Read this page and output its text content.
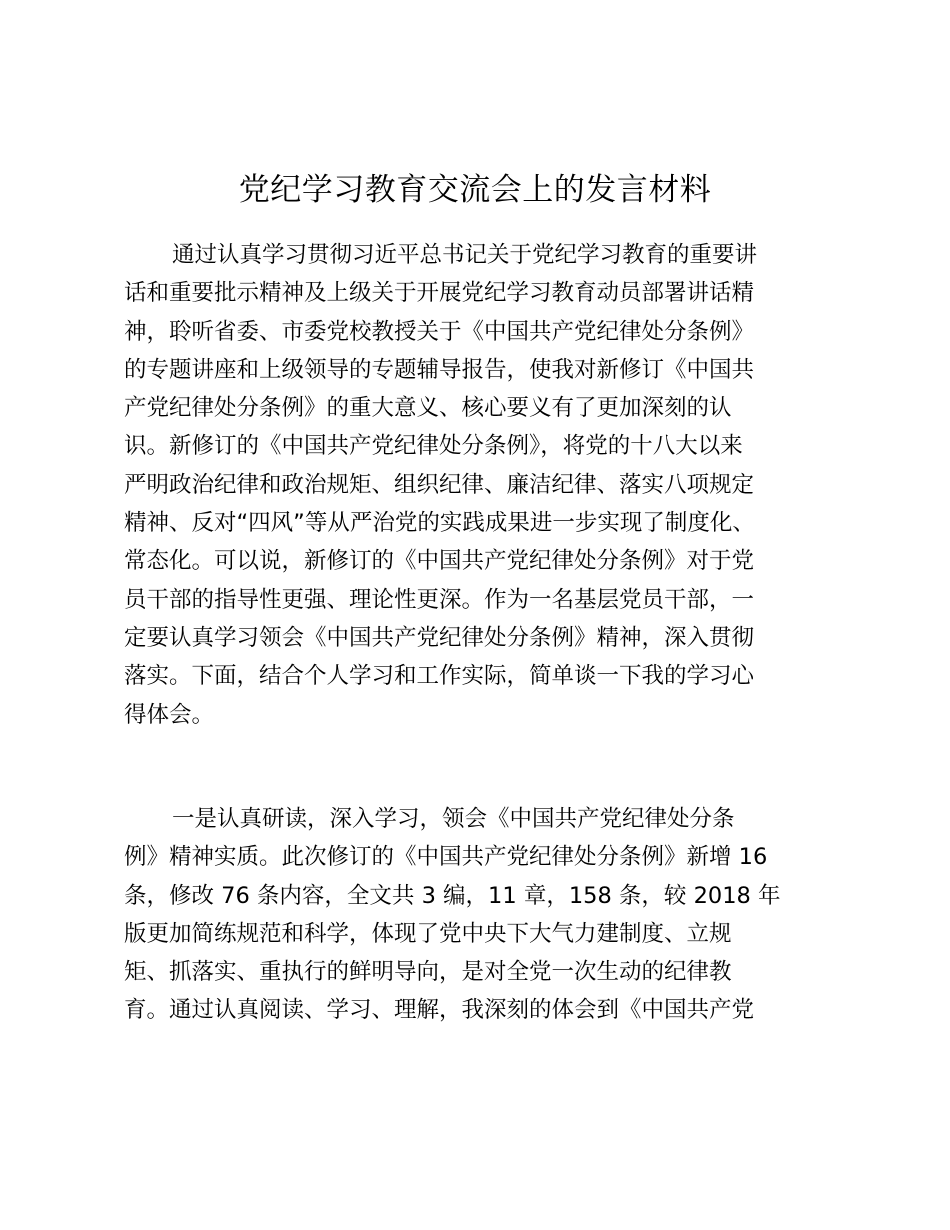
党纪学习教育交流会上的发言材料
通过认真学习贯彻习近平总书记关于党纪学习教育的重要讲
话和重要批示精神及上级关于开展党纪学习教育动员部署讲话精
神，聆听省委、市委党校教授关于《中国共产党纪律处分条例》
的专题讲座和上级领导的专题辅导报告，使我对新修订《中国共
产党纪律处分条例》的重大意义、核心要义有了更加深刻的认
识。新修订的《中国共产党纪律处分条例》，将党的十八大以来
严明政治纪律和政治规矩、组织纪律、廉洁纪律、落实八项规定
精神、反对“四风”等从严治党的实践成果进一步实现了制度化、
常态化。可以说，新修订的《中国共产党纪律处分条例》对于党
员干部的指导性更强、理论性更深。作为一名基层党员干部，一
定要认真学习领会《中国共产党纪律处分条例》精神，深入贯彻
落实。下面，结合个人学习和工作实际，简单谈一下我的学习心
得体会。
一是认真研读，深入学习，领会《中国共产党纪律处分条
例》精神实质。此次修订的《中国共产党纪律处分条例》新增 16
条，修改 76 条内容，全文共 3 编，11 章，158 条，较 2018 年
版更加简练规范和科学，体现了党中央下大气力建制度、立规
矩、抓落实、重执行的鲜明导向，是对全党一次生动的纪律教
育。通过认真阅读、学习、理解，我深刻的体会到《中国共产党
